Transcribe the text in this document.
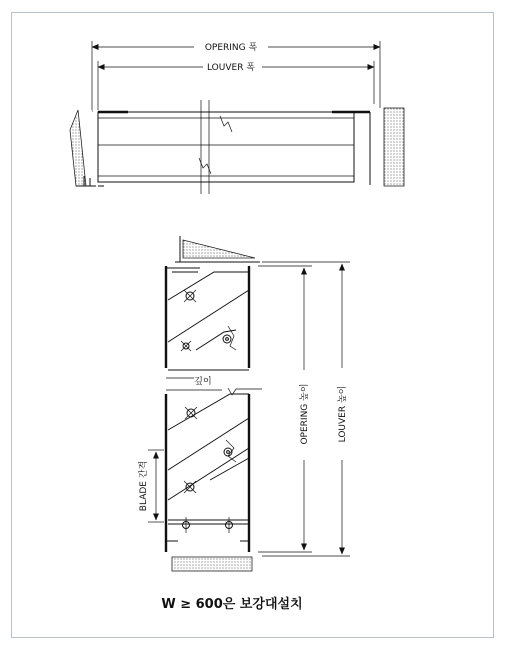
OPERING 폭
LOUVER 폭
깊이
BLADE 간격
OPERING 높이	LOUVER 높이
W ≥ 600은 보강대설치
